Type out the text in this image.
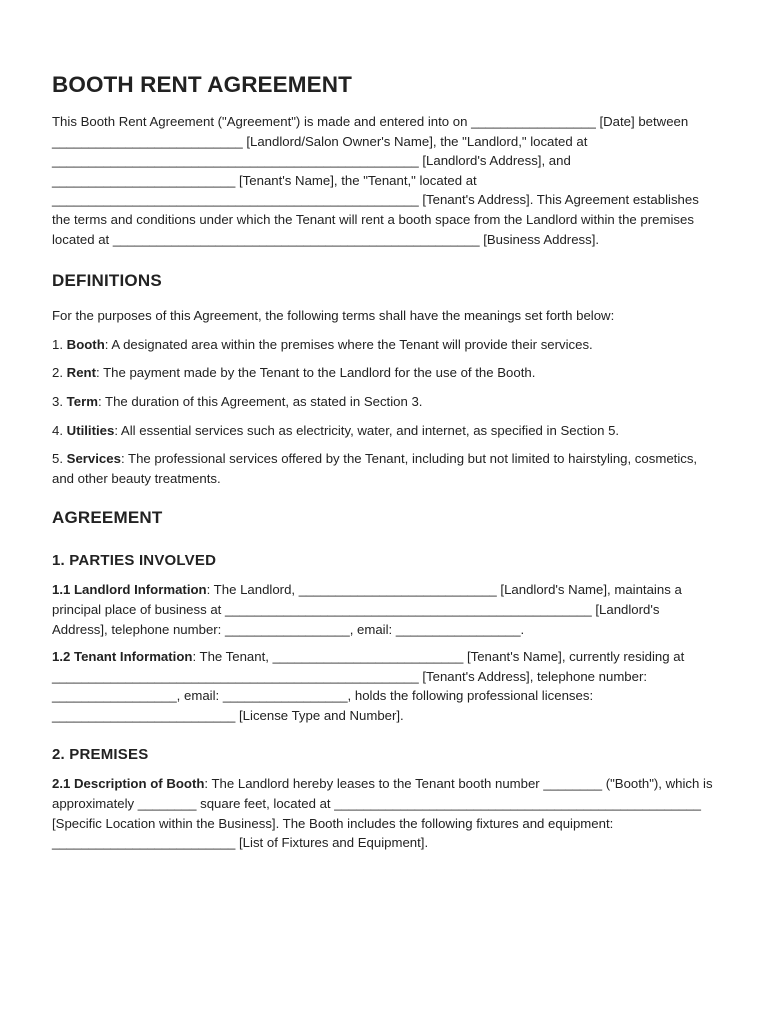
BOOTH RENT AGREEMENT

This Booth Rent Agreement ("Agreement") is made and entered into on _________________ [Date] between __________________________ [Landlord/Salon Owner's Name], the "Landlord," located at __________________________________________________ [Landlord's Address], and _________________________ [Tenant's Name], the "Tenant," located at __________________________________________________ [Tenant's Address]. This Agreement establishes the terms and conditions under which the Tenant will rent a booth space from the Landlord within the premises located at __________________________________________________ [Business Address].

DEFINITIONS

For the purposes of this Agreement, the following terms shall have the meanings set forth below:

1. Booth: A designated area within the premises where the Tenant will provide their services.

2. Rent: The payment made by the Tenant to the Landlord for the use of the Booth.

3. Term: The duration of this Agreement, as stated in Section 3.

4. Utilities: All essential services such as electricity, water, and internet, as specified in Section 5.

5. Services: The professional services offered by the Tenant, including but not limited to hairstyling, cosmetics, and other beauty treatments.

AGREEMENT
1. PARTIES INVOLVED

1.1 Landlord Information: The Landlord, ___________________________ [Landlord's Name], maintains a principal place of business at __________________________________________________ [Landlord's Address], telephone number: _________________, email: _________________.

1.2 Tenant Information: The Tenant, __________________________ [Tenant's Name], currently residing at __________________________________________________ [Tenant's Address], telephone number: _________________, email: _________________, holds the following professional licenses: _________________________ [License Type and Number].

2. PREMISES

2.1 Description of Booth: The Landlord hereby leases to the Tenant booth number ________ ("Booth"), which is approximately ________ square feet, located at __________________________________________________ [Specific Location within the Business]. The Booth includes the following fixtures and equipment: _________________________ [List of Fixtures and Equipment].
